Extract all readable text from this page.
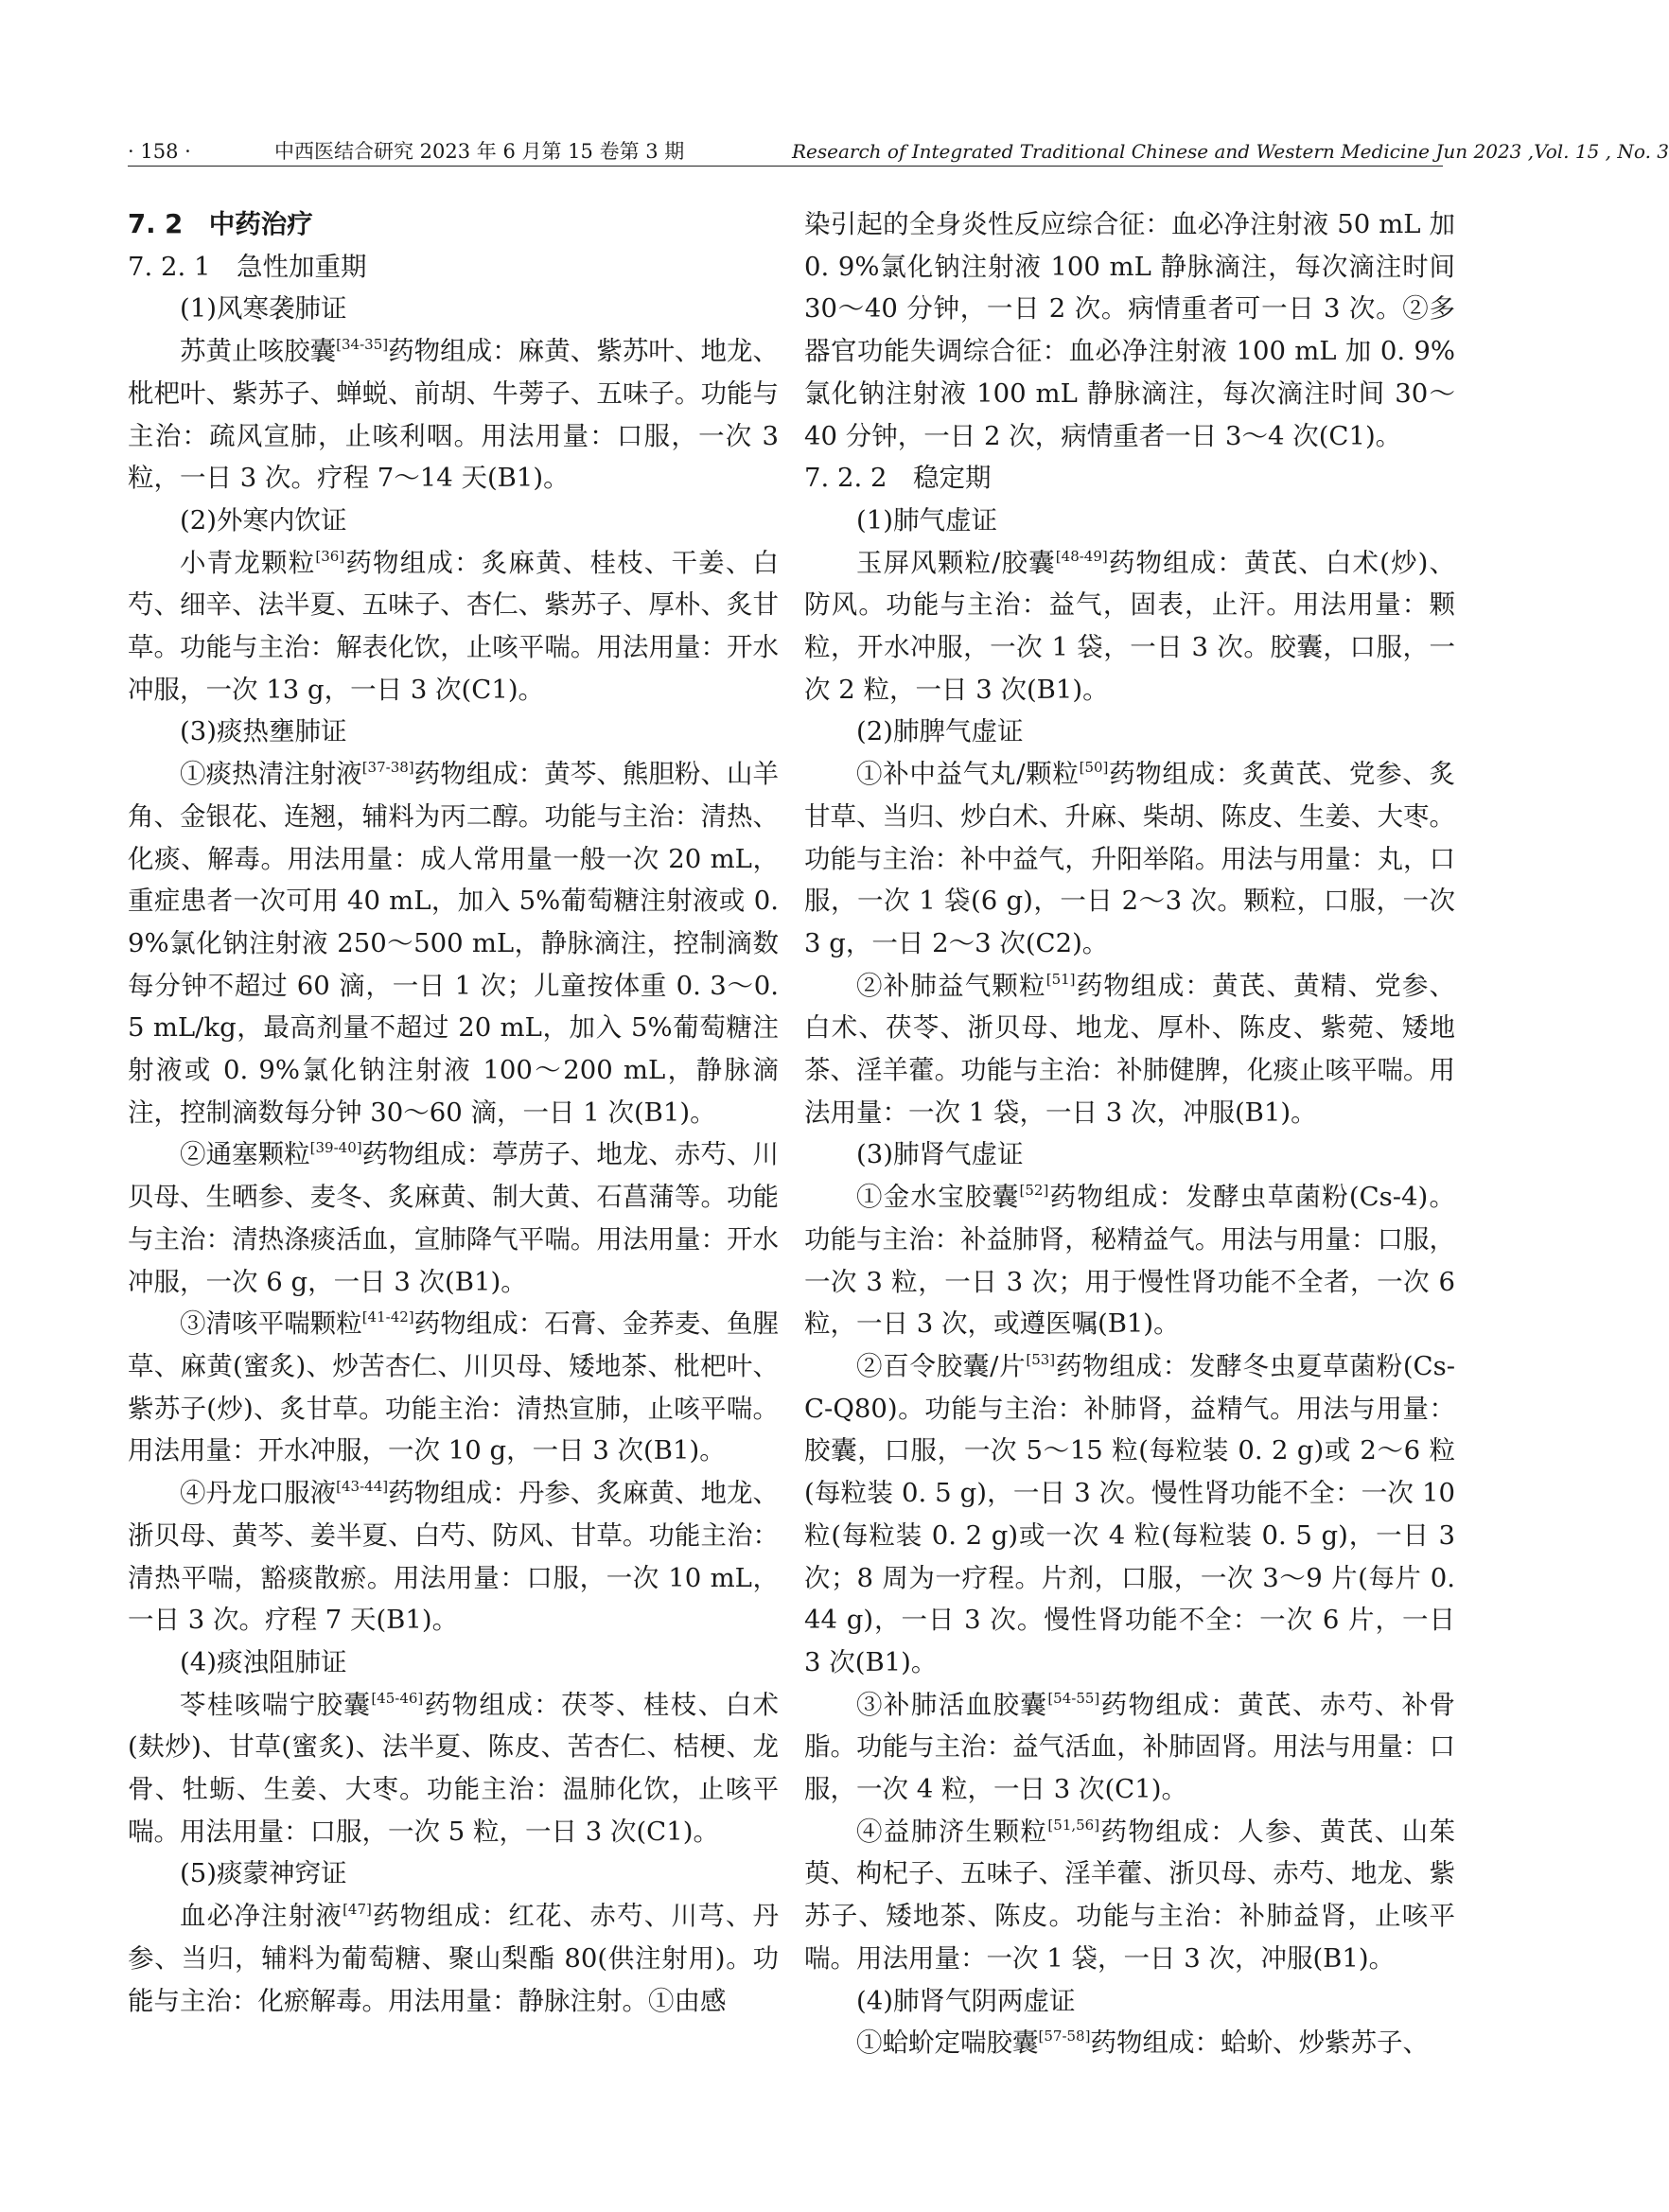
· 158 ·	中西医结合研究 2023 年 6 月第 15 卷第 3 期	Research of Integrated Traditional Chinese and Western Medicine Jun 2023 ,Vol. 15 , No. 3

7. 2　中药治疗

7. 2. 1　急性加重期

(1)风寒袭肺证

苏黄止咳胶囊[34-35]药物组成：麻黄、紫苏叶、地龙、枇杷叶、紫苏子、蝉蜕、前胡、牛蒡子、五味子。功能与主治：疏风宣肺，止咳利咽。用法用量：口服，一次 3 粒，一日 3 次。疗程 7～14 天(B1)。

(2)外寒内饮证

小青龙颗粒[36]药物组成：炙麻黄、桂枝、干姜、白芍、细辛、法半夏、五味子、杏仁、紫苏子、厚朴、炙甘草。功能与主治：解表化饮，止咳平喘。用法用量：开水冲服，一次 13 g，一日 3 次(C1)。

(3)痰热壅肺证

①痰热清注射液[37-38]药物组成：黄芩、熊胆粉、山羊角、金银花、连翘，辅料为丙二醇。功能与主治：清热、化痰、解毒。用法用量：成人常用量一般一次 20 mL，重症患者一次可用 40 mL，加入 5%葡萄糖注射液或 0. 9%氯化钠注射液 250～500 mL，静脉滴注，控制滴数每分钟不超过 60 滴，一日 1 次；儿童按体重 0. 3～0. 5 mL/kg，最高剂量不超过 20 mL，加入 5%葡萄糖注射液或 0. 9%氯化钠注射液 100～200 mL，静脉滴注，控制滴数每分钟 30～60 滴，一日 1 次(B1)。

②通塞颗粒[39-40]药物组成：葶苈子、地龙、赤芍、川贝母、生晒参、麦冬、炙麻黄、制大黄、石菖蒲等。功能与主治：清热涤痰活血，宣肺降气平喘。用法用量：开水冲服，一次 6 g，一日 3 次(B1)。

③清咳平喘颗粒[41-42]药物组成：石膏、金荞麦、鱼腥草、麻黄(蜜炙)、炒苦杏仁、川贝母、矮地茶、枇杷叶、紫苏子(炒)、炙甘草。功能主治：清热宣肺，止咳平喘。用法用量：开水冲服，一次 10 g，一日 3 次(B1)。

④丹龙口服液[43-44]药物组成：丹参、炙麻黄、地龙、浙贝母、黄芩、姜半夏、白芍、防风、甘草。功能主治：清热平喘，豁痰散瘀。用法用量：口服，一次 10 mL，一日 3 次。疗程 7 天(B1)。

(4)痰浊阻肺证

苓桂咳喘宁胶囊[45-46]药物组成：茯苓、桂枝、白术(麸炒)、甘草(蜜炙)、法半夏、陈皮、苦杏仁、桔梗、龙骨、牡蛎、生姜、大枣。功能主治：温肺化饮，止咳平喘。用法用量：口服，一次 5 粒，一日 3 次(C1)。

(5)痰蒙神窍证

血必净注射液[47]药物组成：红花、赤芍、川芎、丹参、当归，辅料为葡萄糖、聚山梨酯 80(供注射用)。功能与主治：化瘀解毒。用法用量：静脉注射。①由感

染引起的全身炎性反应综合征：血必净注射液 50 mL 加 0. 9%氯化钠注射液 100 mL 静脉滴注，每次滴注时间 30～40 分钟，一日 2 次。病情重者可一日 3 次。②多器官功能失调综合征：血必净注射液 100 mL 加 0. 9%氯化钠注射液 100 mL 静脉滴注，每次滴注时间 30～40 分钟，一日 2 次，病情重者一日 3～4 次(C1)。

7. 2. 2　稳定期

(1)肺气虚证

玉屏风颗粒/胶囊[48-49]药物组成：黄芪、白术(炒)、防风。功能与主治：益气，固表，止汗。用法用量：颗粒，开水冲服，一次 1 袋，一日 3 次。胶囊，口服，一次 2 粒，一日 3 次(B1)。

(2)肺脾气虚证

①补中益气丸/颗粒[50]药物组成：炙黄芪、党参、炙甘草、当归、炒白术、升麻、柴胡、陈皮、生姜、大枣。功能与主治：补中益气，升阳举陷。用法与用量：丸，口服，一次 1 袋(6 g)，一日 2～3 次。颗粒，口服，一次 3 g，一日 2～3 次(C2)。

②补肺益气颗粒[51]药物组成：黄芪、黄精、党参、白术、茯苓、浙贝母、地龙、厚朴、陈皮、紫菀、矮地茶、淫羊藿。功能与主治：补肺健脾，化痰止咳平喘。用法用量：一次 1 袋，一日 3 次，冲服(B1)。

(3)肺肾气虚证

①金水宝胶囊[52]药物组成：发酵虫草菌粉(Cs-4)。功能与主治：补益肺肾，秘精益气。用法与用量：口服，一次 3 粒，一日 3 次；用于慢性肾功能不全者，一次 6 粒，一日 3 次，或遵医嘱(B1)。

②百令胶囊/片[53]药物组成：发酵冬虫夏草菌粉(Cs-C-Q80)。功能与主治：补肺肾，益精气。用法与用量：胶囊，口服，一次 5～15 粒(每粒装 0. 2 g)或 2～6 粒(每粒装 0. 5 g)，一日 3 次。慢性肾功能不全：一次 10 粒(每粒装 0. 2 g)或一次 4 粒(每粒装 0. 5 g)，一日 3 次；8 周为一疗程。片剂，口服，一次 3～9 片(每片 0. 44 g)，一日 3 次。慢性肾功能不全：一次 6 片，一日 3 次(B1)。

③补肺活血胶囊[54-55]药物组成：黄芪、赤芍、补骨脂。功能与主治：益气活血，补肺固肾。用法与用量：口服，一次 4 粒，一日 3 次(C1)。

④益肺济生颗粒[51,56]药物组成：人参、黄芪、山茱萸、枸杞子、五味子、淫羊藿、浙贝母、赤芍、地龙、紫苏子、矮地茶、陈皮。功能与主治：补肺益肾，止咳平喘。用法用量：一次 1 袋，一日 3 次，冲服(B1)。

(4)肺肾气阴两虚证

①蛤蚧定喘胶囊[57-58]药物组成：蛤蚧、炒紫苏子、
